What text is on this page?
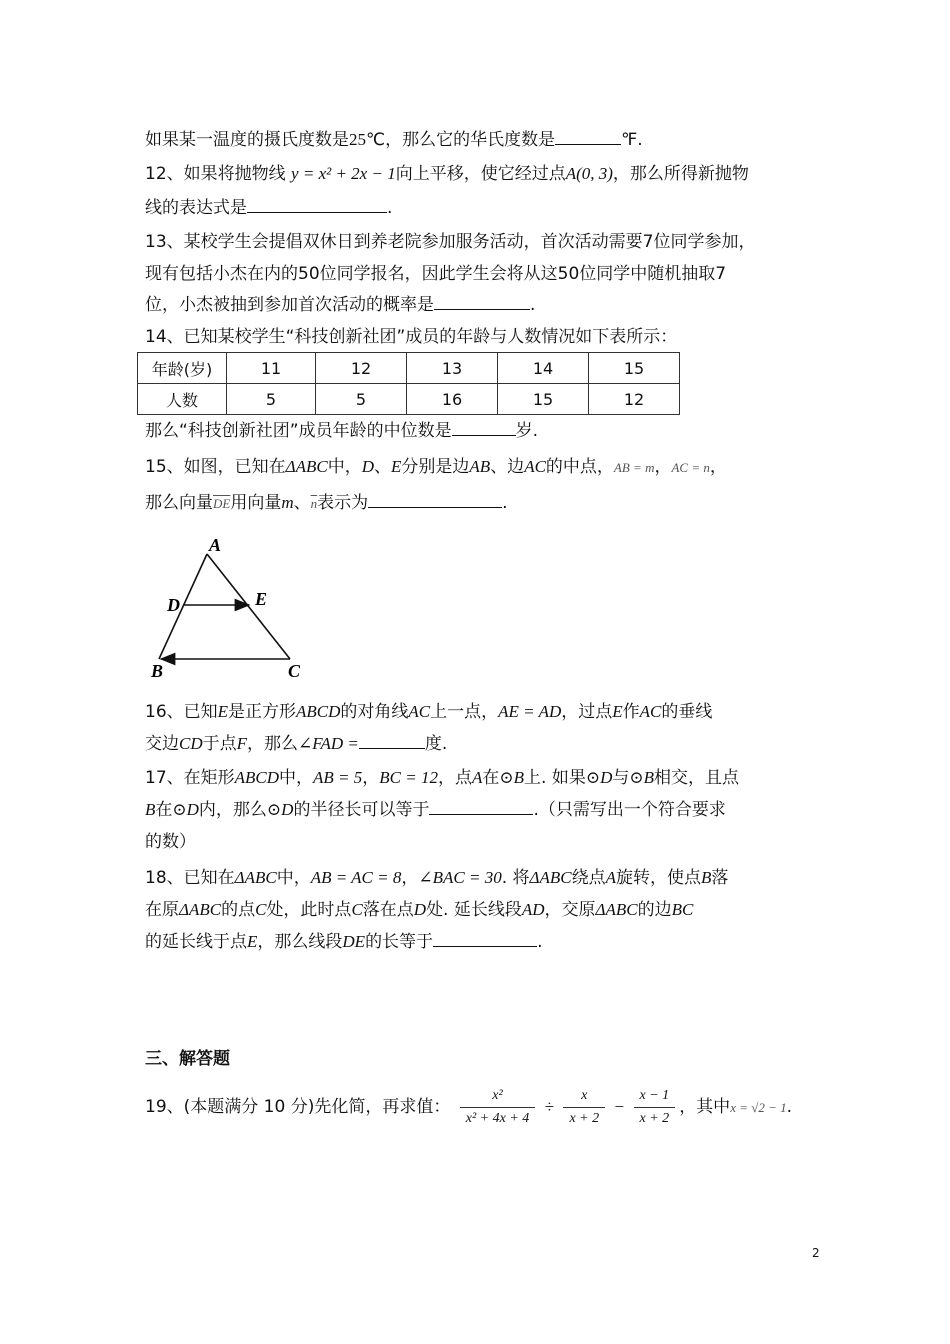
如果某一温度的摄氏度数是25℃，那么它的华氏度数是	℉.
12、如果将抛物线 y = x² + 2x − 1向上平移，使它经过点A(0, 3)，那么所得新抛物
线的表达式是	.
13、某校学生会提倡双休日到养老院参加服务活动，首次活动需要7位同学参加，
现有包括小杰在内的50位同学报名，因此学生会将从这50位同学中随机抽取7
位，小杰被抽到参加首次活动的概率是	.
14、已知某校学生“科技创新社团”成员的年龄与人数情况如下表所示：
年龄(岁)	11	12	13	14	15
人数	5	5	16	15	12
那么“科技创新社团”成员年龄的中位数是	岁.
15、如图，已知在ΔABC中，D、E分别是边AB、边AC的中点，AB = m，AC = n，
那么向量$\overline{DE}$用向量m、$\overline{n}$表示为	.
A
D	E
B	C
16、已知E是正方形ABCD的对角线AC上一点，AE = AD，过点E作AC的垂线
交边CD于点F，那么∠FAD =	度.
17、在矩形ABCD中，AB = 5，BC = 12，点A在⊙B上. 如果⊙D与⊙B相交，且点
B在⊙D内，那么⊙D的半径长可以等于	.（只需写出一个符合要求
的数）
18、已知在ΔABC中，AB = AC = 8，∠BAC = 30. 将ΔABC绕点A旋转，使点B落
在原ΔABC的点C处，此时点C落在点D处. 延长线段AD，交原ΔABC的边BC
的延长线于点E，那么线段DE的长等于	.
三、解答题
19、(本题满分 10 分)先化简，再求值： $\frac{\text{x²}}{\text{x² + 4x + 4}} \div \frac{x}{x + 2} - \frac{x - 1}{x + 2}$ ，其中x = √2 − 1.
2
